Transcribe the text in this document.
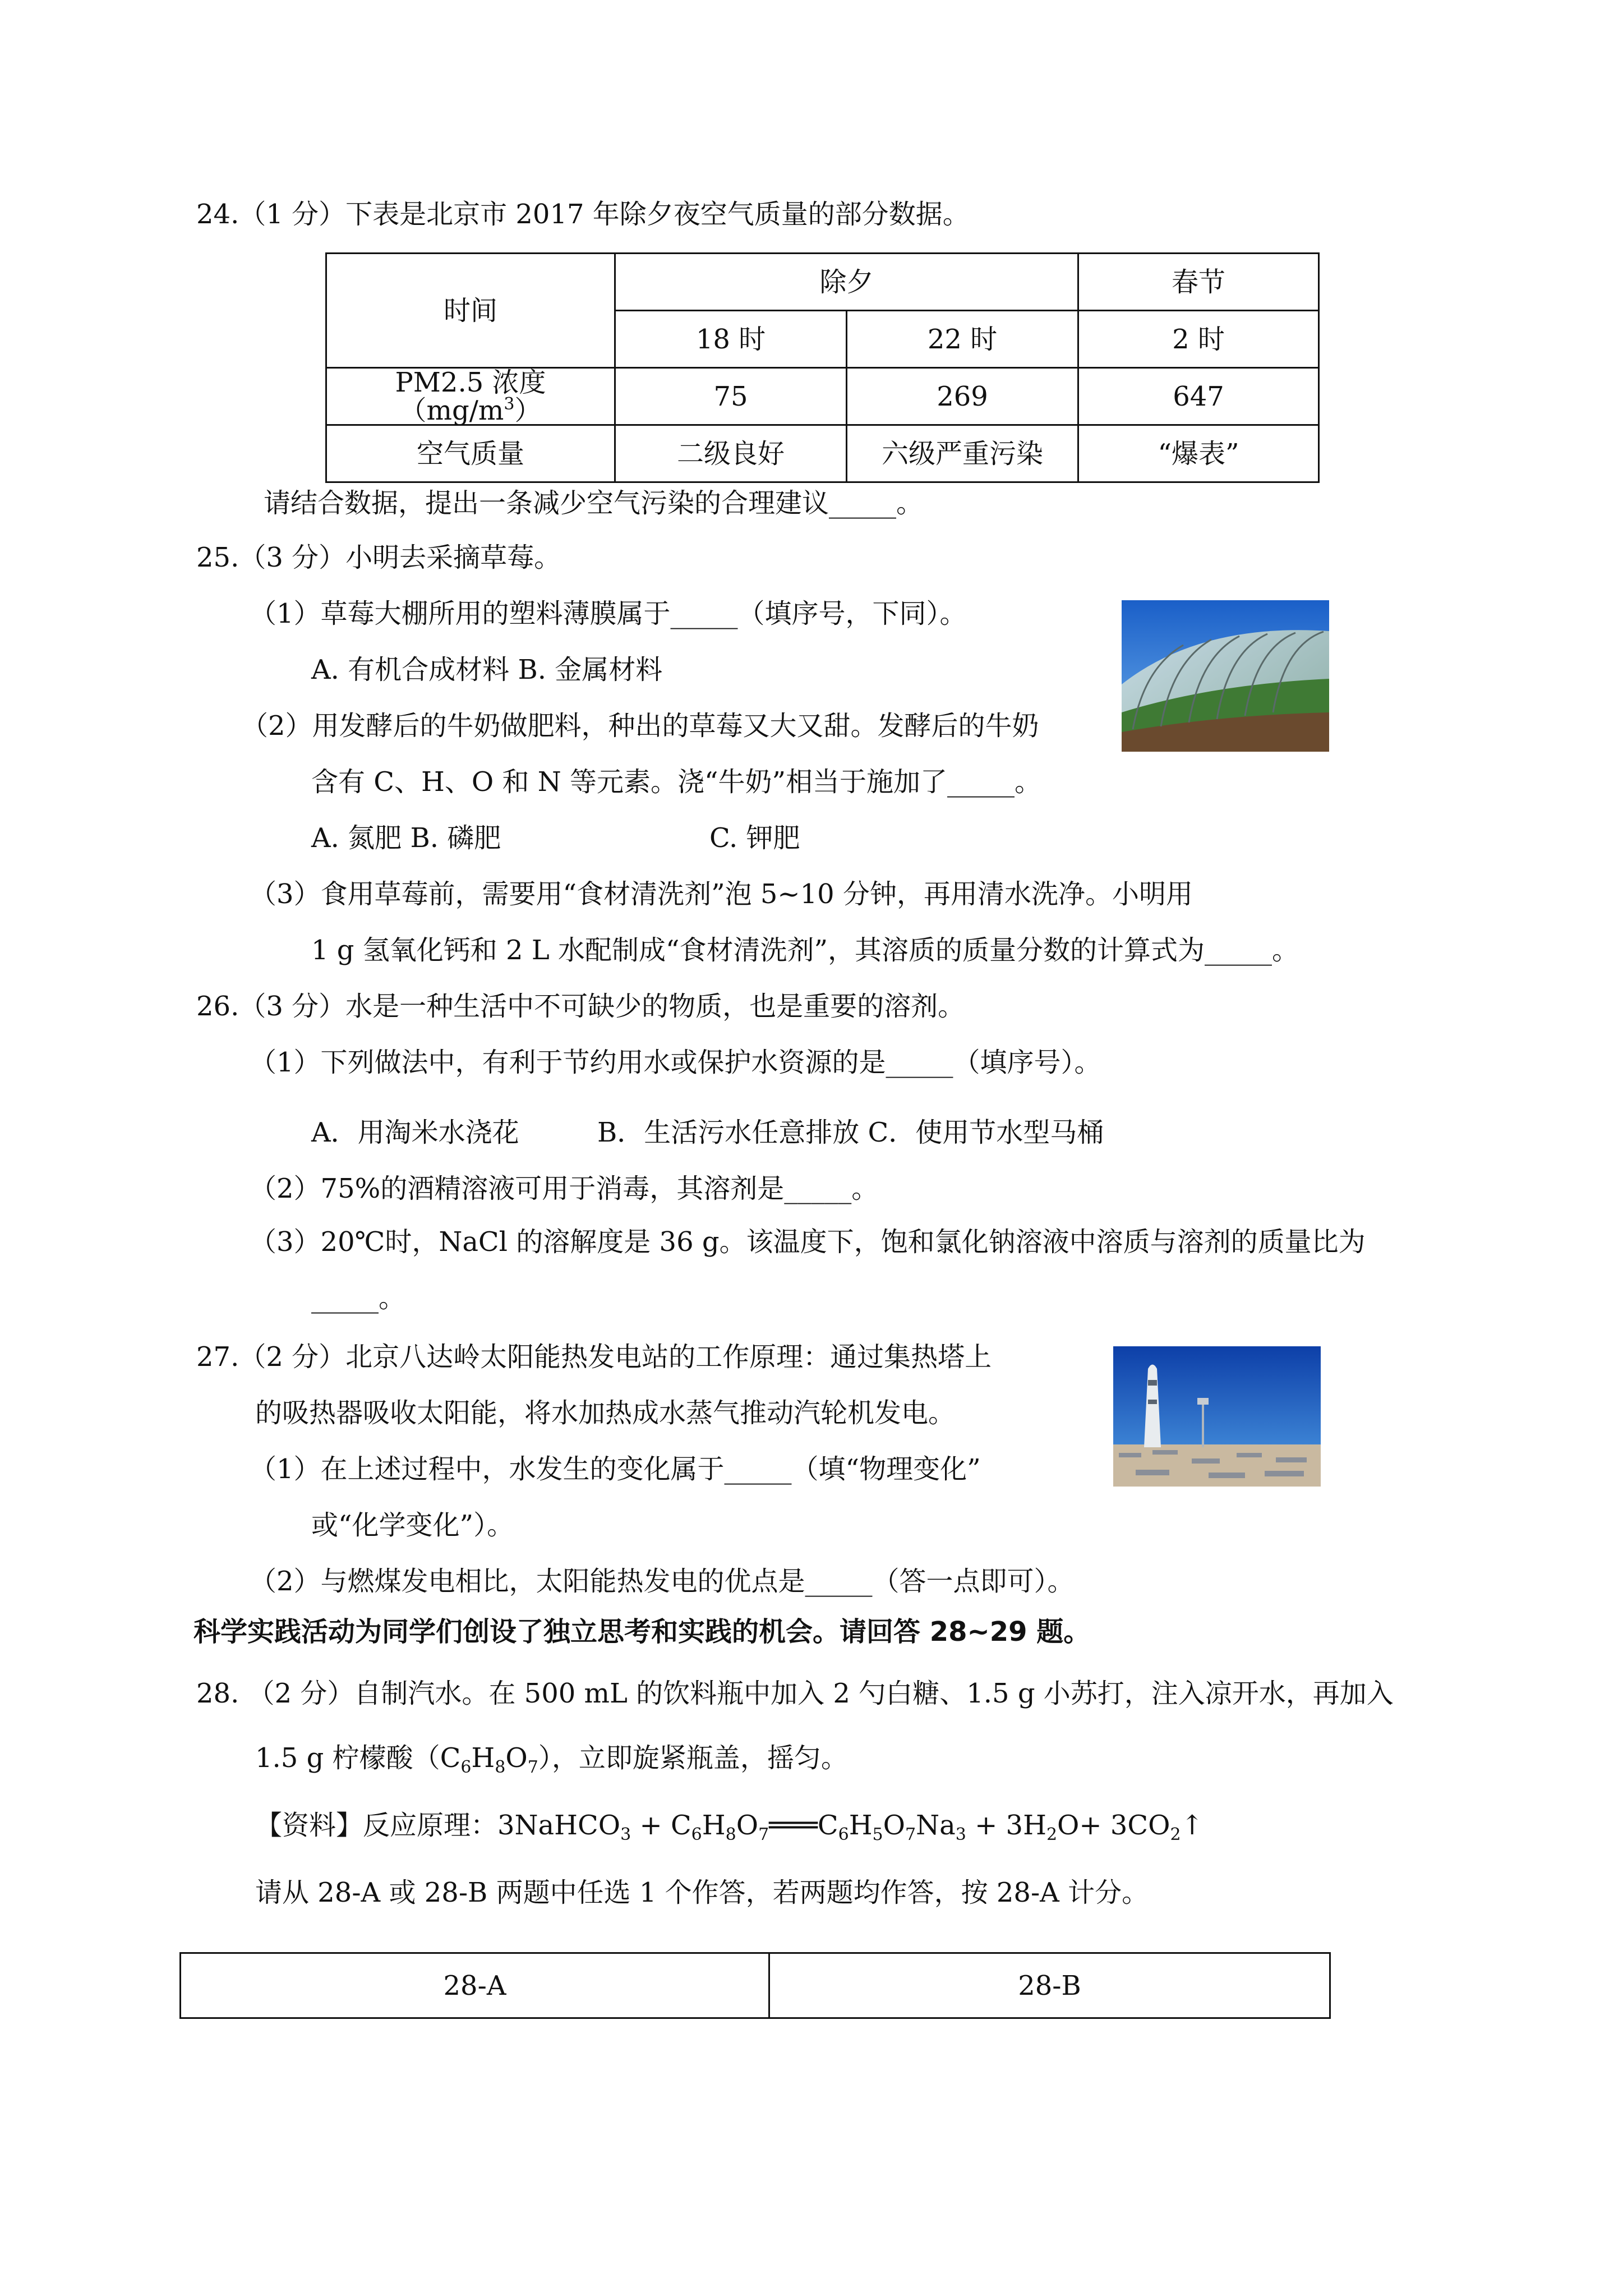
24.（1 分）下表是北京市 2017 年除夕夜空气质量的部分数据。
时间	除夕		春节
	18 时	22 时	2 时
PM2.5 浓度$(mg/m^3)$	75	269	647
空气质量	二级良好	六级严重污染	“爆表”
请结合数据，提出一条减少空气污染的合理建议_____。
25.（3 分）小明去采摘草莓。
（1）草莓大棚所用的塑料薄膜属于_____（填序号，下同）。
A. 有机合成材料 B. 金属材料
（2）用发酵后的牛奶做肥料，种出的草莓又大又甜。发酵后的牛奶
含有 C、H、O 和 N 等元素。浇“牛奶”相当于施加了_____。
A. 氮肥 B. 磷肥	C. 钾肥
（3）食用草莓前，需要用“食材清洗剂”泡 5~10 分钟，再用清水洗净。小明用
1 g 氢氧化钙和 2 L 水配制成“食材清洗剂”，其溶质的质量分数的计算式为_____。
26.（3 分）水是一种生活中不可缺少的物质，也是重要的溶剂。
（1）下列做法中，有利于节约用水或保护水资源的是_____（填序号）。
A．用淘米水浇花	B．生活污水任意排放 C．使用节水型马桶
（2）75%的酒精溶液可用于消毒，其溶剂是_____。
（3）20℃时，NaCl 的溶解度是 36 g。该温度下，饱和氯化钠溶液中溶质与溶剂的质量比为
_____。
27.（2 分）北京八达岭太阳能热发电站的工作原理：通过集热塔上
的吸热器吸收太阳能，将水加热成水蒸气推动汽轮机发电。
（1）在上述过程中，水发生的变化属于_____（填“物理变化”
或“化学变化”）。
（2）与燃煤发电相比，太阳能热发电的优点是_____（答一点即可）。
科学实践活动为同学们创设了独立思考和实践的机会。请回答 28~29 题。
28. （2 分）自制汽水。在 500 mL 的饮料瓶中加入 2 勺白糖、1.5 g 小苏打，注入凉开水，再加入
1.5 g 柠檬酸$(C_6H_8O_7)$，立即旋紧瓶盖，摇匀。
【资料】反应原理：3NaHCO$_3$ + $C_6H_8O_7═══C_6H_5O_7Na_3 + 3H_2O+$ $3CO_2↑$
请从 28-A 或 28-B 两题中任选 1 个作答，若两题均作答，按 28-A 计分。
28-A	28-B
